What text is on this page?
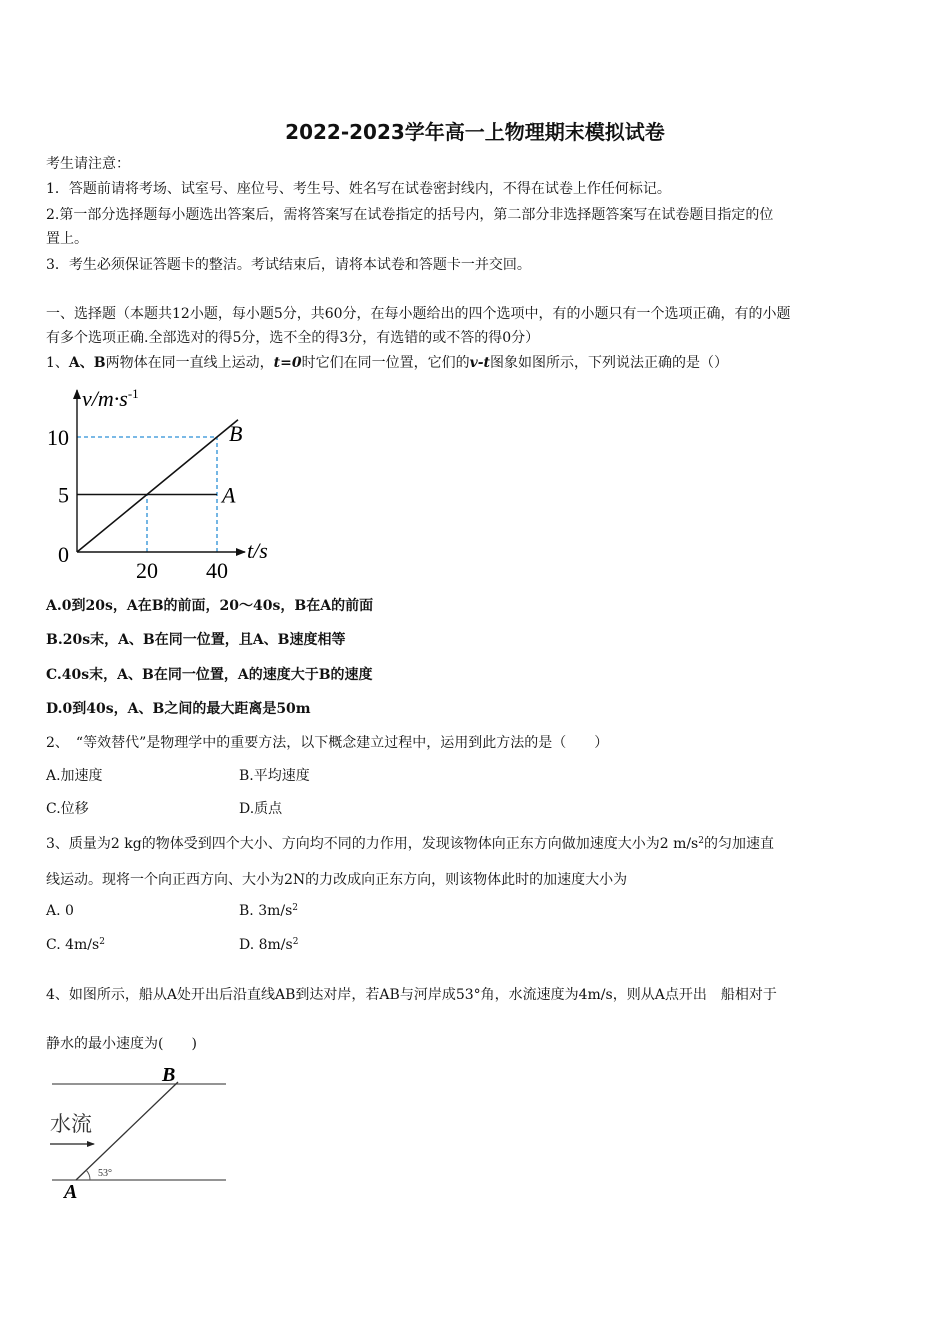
2022-2023学年高一上物理期末模拟试卷
考生请注意：
1．答题前请将考场、试室号、座位号、考生号、姓名写在试卷密封线内，不得在试卷上作任何标记。
2.第一部分选择题每小题选出答案后，需将答案写在试卷指定的括号内，第二部分非选择题答案写在试卷题目指定的位
置上。
3．考生必须保证答题卡的整洁。考试结束后，请将本试卷和答题卡一并交回。
一、选择题（本题共12小题，每小题5分，共60分，在每小题给出的四个选项中，有的小题只有一个选项正确，有的小题
有多个选项正确.全部选对的得5分，选不全的得3分，有选错的或不答的得0分）
1、A、B两物体在同一直线上运动，t=0时它们在同一位置，它们的v-t图象如图所示，下列说法正确的是（）
A
B
5
10
20 40
$v/m\cdot s^{-1}$
t/s
0
A.0到20s，A在B的前面，20～40s，B在A的前面
B.20s末，A、B在同一位置，且A、B速度相等
C.40s末，A、B在同一位置，A的速度大于B的速度
D.0到40s，A、B之间的最大距离是50m
2、　“等效替代”是物理学中的重要方法，以下概念建立过程中，运用到此方法的是（　　）
A.加速度	B.平均速度
C.位移	D.质点
3、质量为2 kg的物体受到四个大小、方向均不同的力作用，发现该物体向正东方向做加速度大小为2 $m/s^2$的匀加速直
线运动。现将一个向正西方向、大小为2N的力改成向正东方向，则该物体此时的加速度大小为
A. 0	B. $3m/s^2$
C. $4m/s^2$	D. $8m/s^2$
4、如图所示，船从A处开出后沿直线AB到达对岸，若AB与河岸成53°角，水流速度为4m/s，则从A点开出　船相对于
静水的最小速度为(　　)
B
A
水流
53°
